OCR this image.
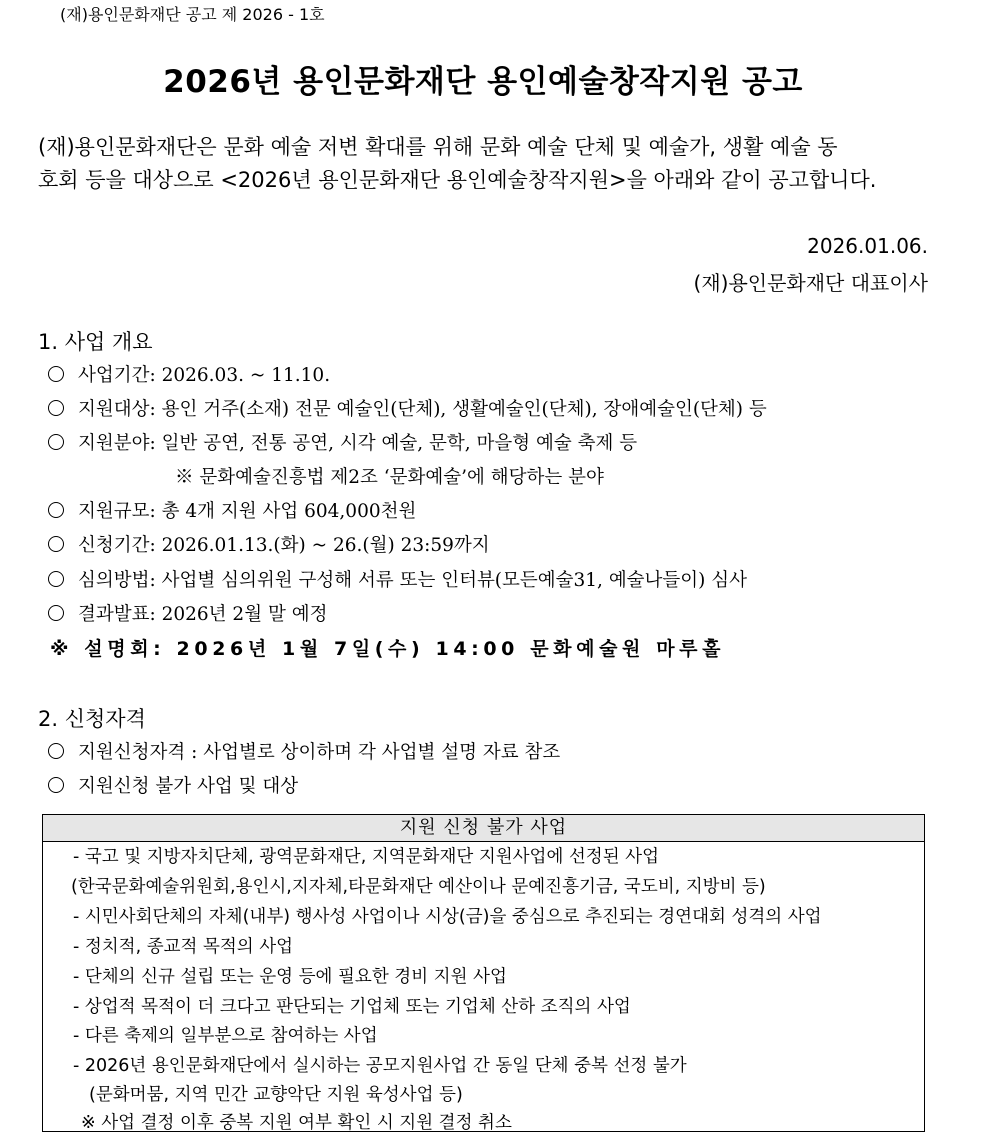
(재)용인문화재단 공고 제 2026 - 1호
2026년 용인문화재단 용인예술창작지원 공고

(재)용인문화재단은 문화 예술 저변 확대를 위해 문화 예술 단체 및 예술가, 생활 예술 동

호회 등을 대상으로 <2026년 용인문화재단 용인예술창작지원>을 아래와 같이 공고합니다.

2026.01.06.
(재)용인문화재단 대표이사
1. 사업 개요
사업기간: 2026.03. ~ 11.10.
지원대상: 용인 거주(소재) 전문 예술인(단체), 생활예술인(단체), 장애예술인(단체) 등
지원분야: 일반 공연, 전통 공연, 시각 예술, 문학, 마을형 예술 축제 등
※ 문화예술진흥법 제2조 ‘문화예술’에 해당하는 분야
지원규모: 총 4개 지원 사업 604,000천원
신청기간: 2026.01.13.(화) ~ 26.(월) 23:59까지
심의방법: 사업별 심의위원 구성해 서류 또는 인터뷰(모든예술31, 예술나들이) 심사
결과발표: 2026년 2월 말 예정
※ 설명회: 2026년 1월 7일(수) 14:00 문화예술원 마루홀
2. 신청자격
지원신청자격 : 사업별로 상이하며 각 사업별 설명 자료 참조
지원신청 불가 사업 및 대상
지원 신청 불가 사업
- 국고 및 지방자치단체, 광역문화재단, 지역문화재단 지원사업에 선정된 사업
(한국문화예술위원회,용인시,지자체,타문화재단 예산이나 문예진흥기금, 국도비, 지방비 등)
- 시민사회단체의 자체(내부) 행사성 사업이나 시상(금)을 중심으로 추진되는 경연대회 성격의 사업
- 정치적, 종교적 목적의 사업
- 단체의 신규 설립 또는 운영 등에 필요한 경비 지원 사업
- 상업적 목적이 더 크다고 판단되는 기업체 또는 기업체 산하 조직의 사업
- 다른 축제의 일부분으로 참여하는 사업
- 2026년 용인문화재단에서 실시하는 공모지원사업 간 동일 단체 중복 선정 불가
(문화머뭄, 지역 민간 교향악단 지원 육성사업 등)
※ 사업 결정 이후 중복 지원 여부 확인 시 지원 결정 취소
